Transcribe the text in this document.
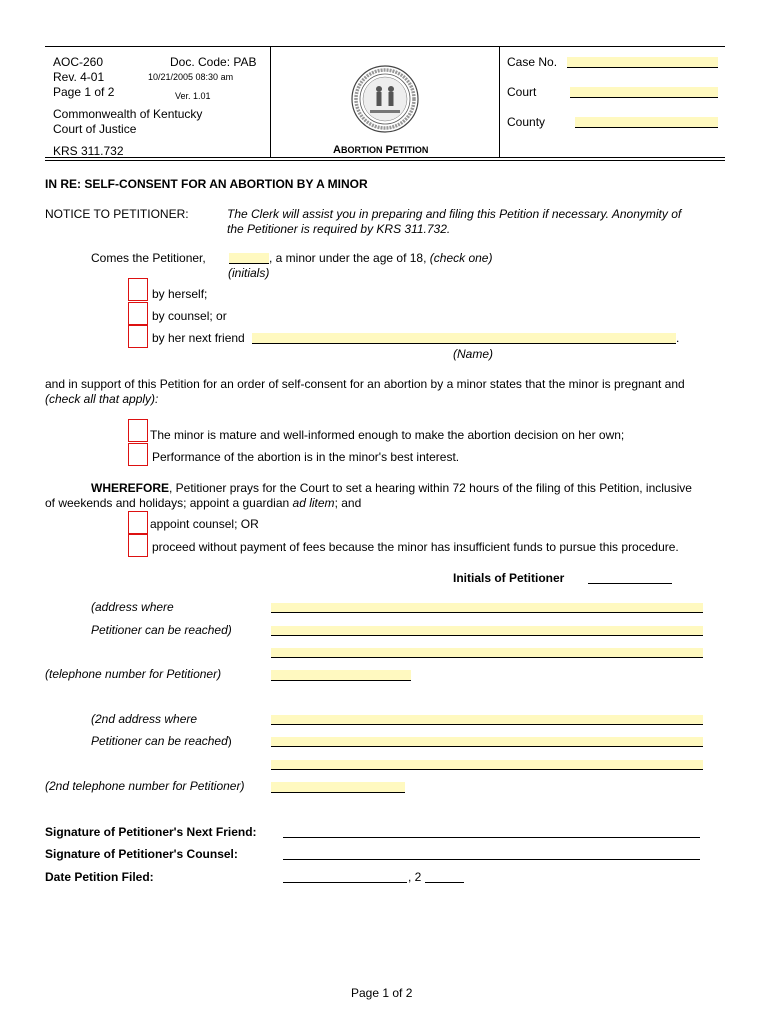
AOC-260	Doc. Code: PAB
Rev. 4-01	10/21/2005 08:30 am
Page 1 of 2	Ver. 1.01
Commonwealth of Kentucky
Court of Justice
KRS 311.732	ABORTION PETITION
Case No.
Court
County
IN RE: SELF-CONSENT FOR AN ABORTION BY A MINOR
NOTICE TO PETITIONER:	The Clerk will assist you in preparing and filing this Petition if necessary. Anonymity of
the Petitioner is required by KRS 311.732.
Comes the Petitioner,	, a minor under the age of 18, (check one)
(initials)
by herself;
by counsel; or
by her next friend	.
(Name)
and in support of this Petition for an order of self-consent for an abortion by a minor states that the minor is pregnant and
(check all that apply):
The minor is mature and well-informed enough to make the abortion decision on her own;
Performance of the abortion is in the minor's best interest.
WHEREFORE, Petitioner prays for the Court to set a hearing within 72 hours of the filing of this Petition, inclusive
of weekends and holidays; appoint a guardian ad litem; and
appoint counsel; OR
proceed without payment of fees because the minor has insufficient funds to pursue this procedure.
Initials of Petitioner
(address where
Petitioner can be reached)
(telephone number for Petitioner)
(2nd address where
Petitioner can be reached)
(2nd telephone number for Petitioner)
Signature of Petitioner's Next Friend:
Signature of Petitioner's Counsel:
Date Petition Filed:	, 2
Page 1 of 2
